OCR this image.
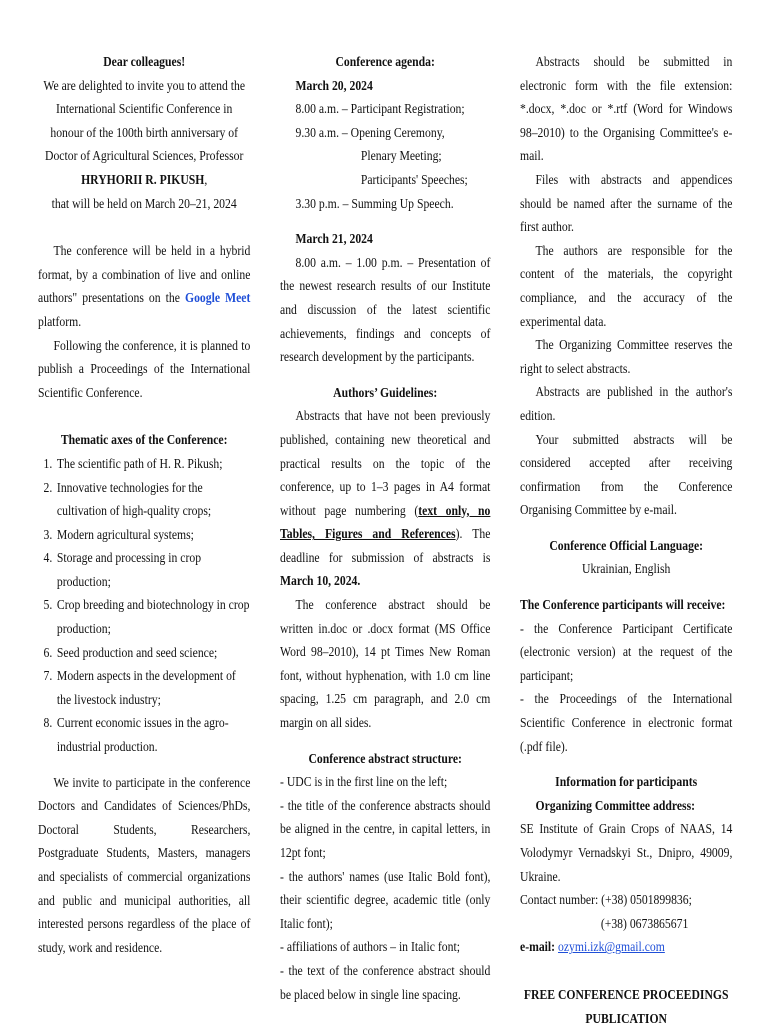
Dear colleagues!

We are delighted to invite you to attend the

International Scientific Conference in

honour of the 100th birth anniversary of

Doctor of Agricultural Sciences, Professor

HRYHORII R. PIKUSH,

that will be held on March 20–21, 2024

The conference will be held in a hybrid format, by a combination of live and online authors" presentations on the Google Meet platform.

Following the conference, it is planned to publish a Proceedings of the International Scientific Conference.

Thematic axes of the Conference:

1. The scientific path of H. R. Pikush;
2. Innovative technologies for the cultivation of high-quality crops;
3. Modern agricultural systems;
4. Storage and processing in crop production;
5. Crop breeding and biotechnology in crop production;
6. Seed production and seed science;
7. Modern aspects in the development of the livestock industry;
8. Current economic issues in the agro-industrial production.

We invite to participate in the conference Doctors and Candidates of Sciences/PhDs, Doctoral Students, Researchers, Postgraduate Students, Masters, managers and specialists of commercial organizations and public and municipal authorities, all interested persons regardless of the place of study, work and residence.

Conference agenda:

March 20, 2024

8.00 a.m. – Participant Registration;

9.30 a.m. – Opening Ceremony,

Plenary Meeting;

Participants' Speeches;

3.30 p.m. – Summing Up Speech.

March 21, 2024

8.00 a.m. – 1.00 p.m. – Presentation of the newest research results of our Institute and discussion of the latest scientific achievements, findings and concepts of research development by the participants.

Authors’ Guidelines:

Abstracts that have not been previously published, containing new theoretical and practical results on the topic of the conference, up to 1–3 pages in A4 format without page numbering (text only, no Tables, Figures and References). The deadline for submission of abstracts is March 10, 2024.

The conference abstract should be written in.doc or .docx format (MS Office Word 98–2010), 14 pt Times New Roman font, without hyphenation, with 1.0 cm line spacing, 1.25 cm paragraph, and 2.0 cm margin on all sides.

Conference abstract structure:

- UDC is in the first line on the left;

- the title of the conference abstracts should be aligned in the centre, in capital letters, in 12pt font;

- the authors' names (use Italic Bold font), their scientific degree, academic title (only Italic font);

- affiliations of authors – in Italic font;

- the text of the conference abstract should be placed below in single line spacing.

Abstracts should be submitted in electronic form with the file extension: *.docx, *.doc or *.rtf (Word for Windows 98–2010) to the Organising Committee's e-mail.

Files with abstracts and appendices should be named after the surname of the first author.

The authors are responsible for the content of the materials, the copyright compliance, and the accuracy of the experimental data.

The Organizing Committee reserves the right to select abstracts.

Abstracts are published in the author's edition.

Your submitted abstracts will be considered accepted after receiving confirmation from the Conference Organising Committee by e-mail.

Conference Official Language:

Ukrainian, English

The Conference participants will receive:

- the Conference Participant Certificate (electronic version) at the request of the participant;

- the Proceedings of the International Scientific Conference in electronic format (.pdf file).

Information for participants

Organizing Committee address:

SE Institute of Grain Crops of NAAS, 14 Volodymyr Vernadskyi St., Dnipro, 49009, Ukraine.

Contact number: (+38) 0501899836;

(+38) 0673865671

e-mail: ozymi.izk@gmail.com

FREE CONFERENCE PROCEEDINGS

PUBLICATION
